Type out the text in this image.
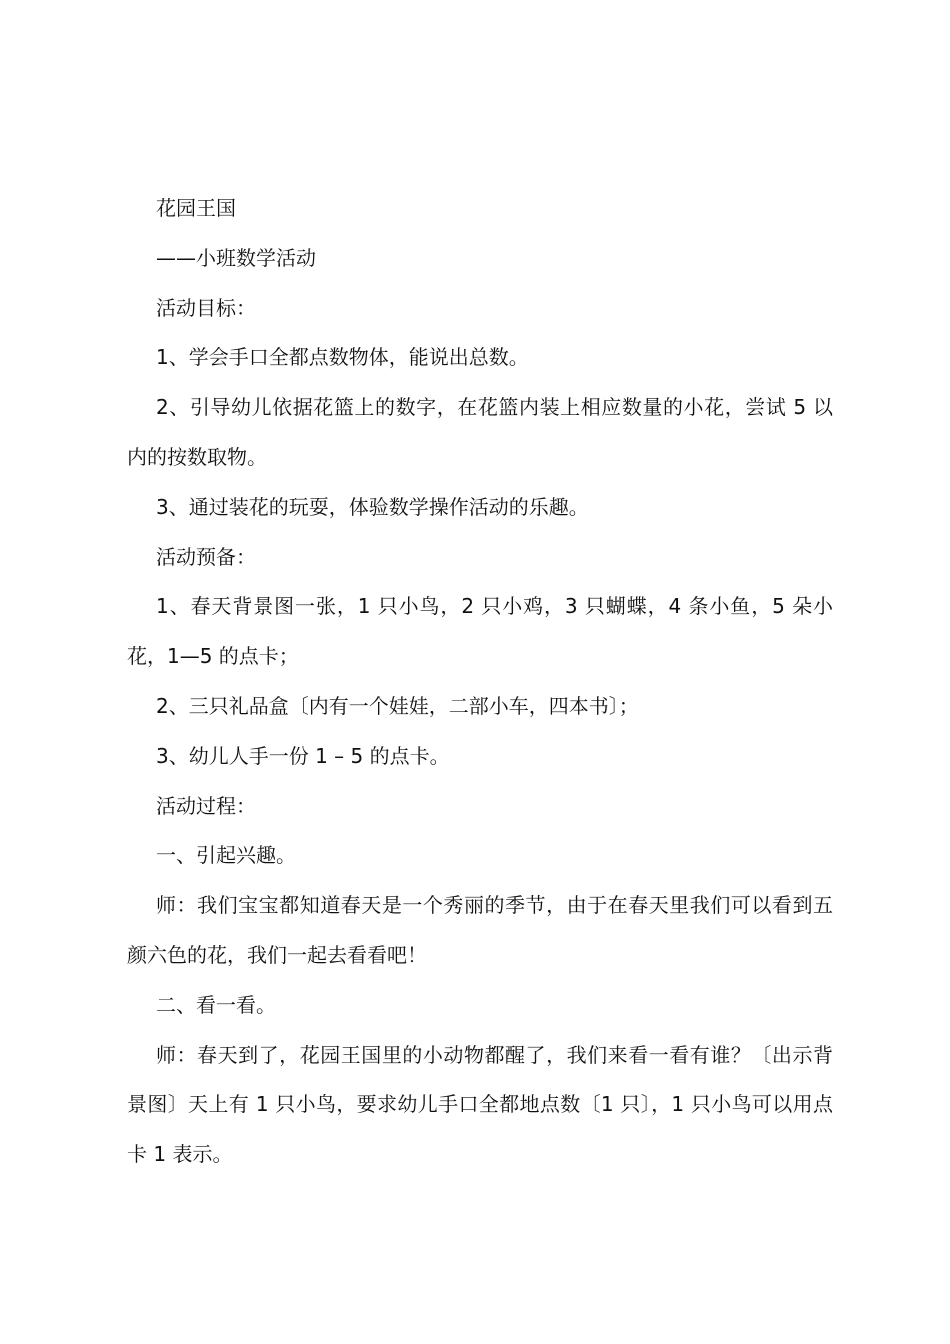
花园王国

——小班数学活动

活动目标：

1、学会手口全都点数物体，能说出总数。

2、引导幼儿依据花篮上的数字，在花篮内装上相应数量的小花，尝试 5 以内的按数取物。

3、通过装花的玩耍，体验数学操作活动的乐趣。

活动预备：

1、春天背景图一张，1 只小鸟，2 只小鸡，3 只蝴蝶，4 条小鱼，5 朵小花，1—5 的点卡；

2、三只礼品盒〔内有一个娃娃，二部小车，四本书〕；

3、幼儿人手一份 1 – 5 的点卡。

活动过程：

一、引起兴趣。

师：我们宝宝都知道春天是一个秀丽的季节，由于在春天里我们可以看到五颜六色的花，我们一起去看看吧！

二、看一看。

师：春天到了，花园王国里的小动物都醒了，我们来看一看有谁？〔出示背景图〕天上有 1 只小鸟，要求幼儿手口全都地点数〔1 只〕，1 只小鸟可以用点卡 1 表示。
